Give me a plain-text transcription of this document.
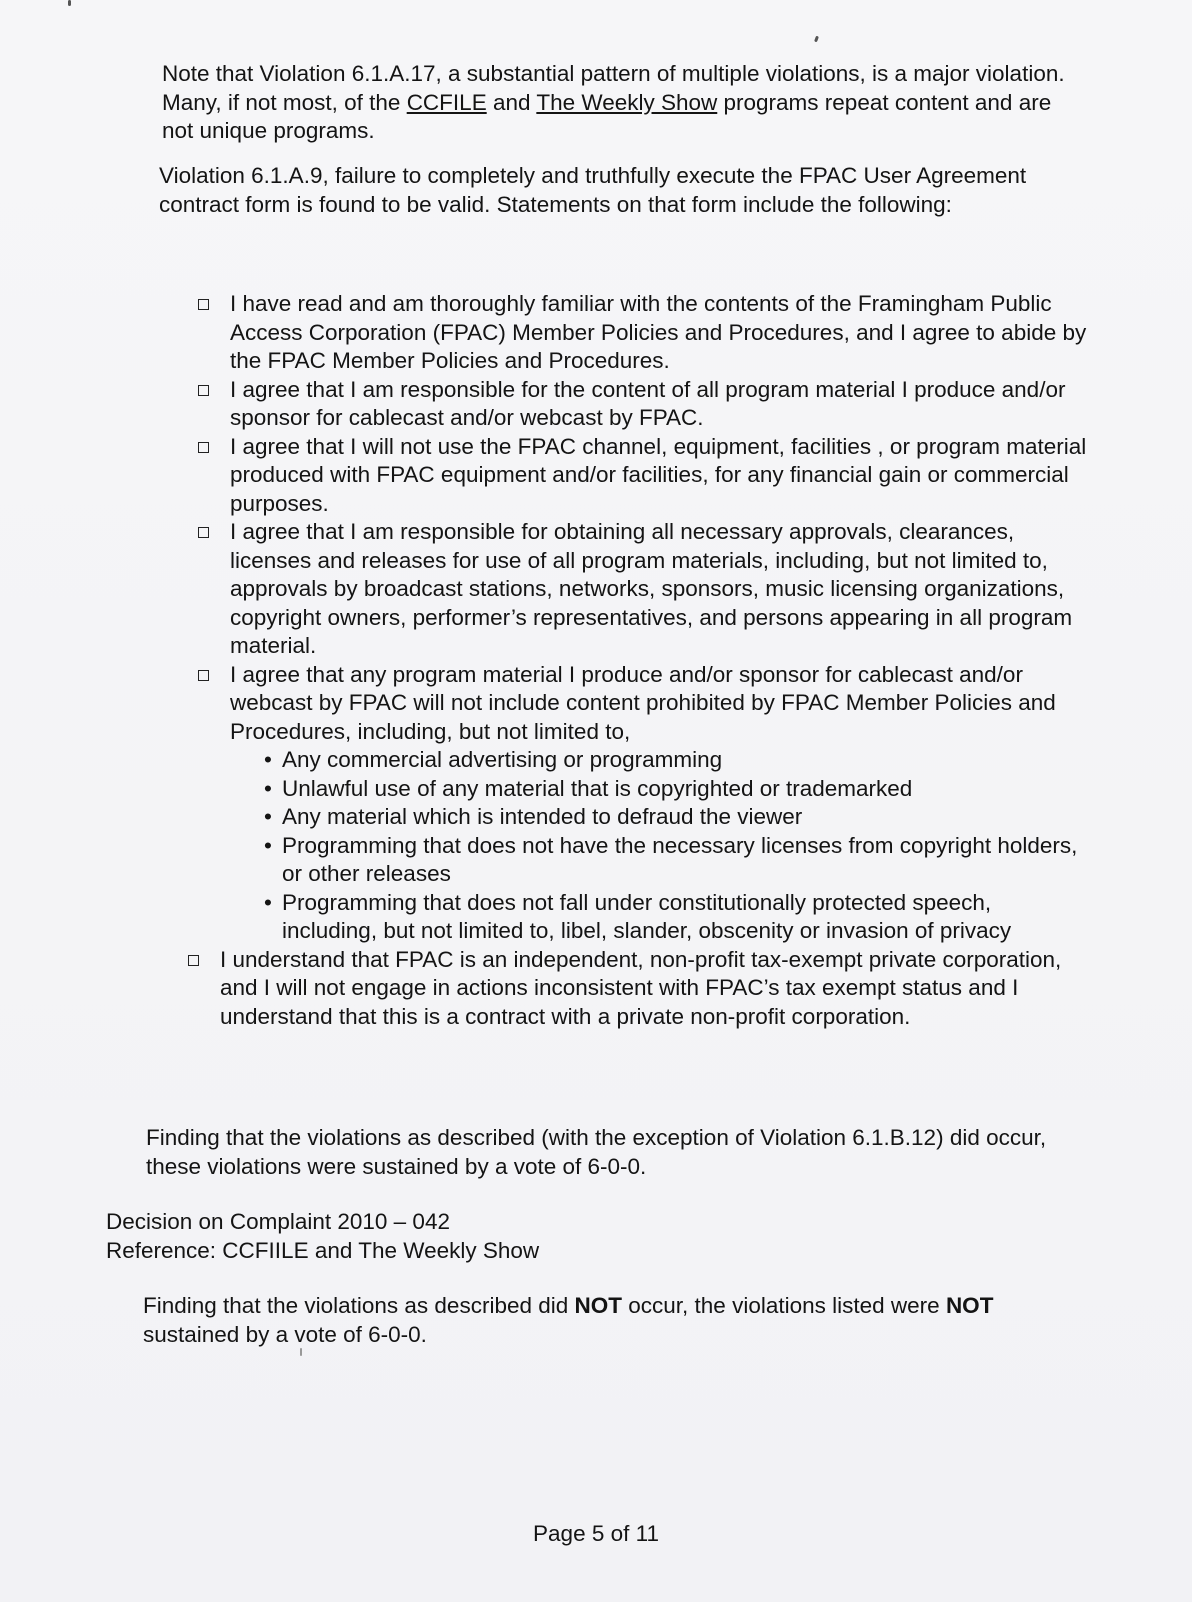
Note that Violation 6.1.A.17, a substantial pattern of multiple violations, is a major violation. Many, if not most, of the CCFILE and The Weekly Show programs repeat content and are not unique programs.

Violation 6.1.A.9, failure to completely and truthfully execute the FPAC User Agreement contract form is found to be valid. Statements on that form include the following:

I have read and am thoroughly familiar with the contents of the Framingham Public Access Corporation (FPAC) Member Policies and Procedures, and I agree to abide by the FPAC Member Policies and Procedures.
I agree that I am responsible for the content of all program material I produce and/or sponsor for cablecast and/or webcast by FPAC.
I agree that I will not use the FPAC channel, equipment, facilities , or program material produced with FPAC equipment and/or facilities, for any financial gain or commercial purposes.
I agree that I am responsible for obtaining all necessary approvals, clearances, licenses and releases for use of all program materials, including, but not limited to, approvals by broadcast stations, networks, sponsors, music licensing organizations, copyright owners, performer’s representatives, and persons appearing in all program material.
I agree that any program material I produce and/or sponsor for cablecast and/or webcast by FPAC will not include content prohibited by FPAC Member Policies and Procedures, including, but not limited to,
• Any commercial advertising or programming
• Unlawful use of any material that is copyrighted or trademarked
• Any material which is intended to defraud the viewer
• Programming that does not have the necessary licenses from copyright holders, or other releases
• Programming that does not fall under constitutionally protected speech, including, but not limited to, libel, slander, obscenity or invasion of privacy
I understand that FPAC is an independent, non-profit tax-exempt private corporation, and I will not engage in actions inconsistent with FPAC’s tax exempt status and I understand that this is a contract with a private non-profit corporation.

Finding that the violations as described (with the exception of Violation 6.1.B.12) did occur, these violations were sustained by a vote of 6-0-0.

Decision on Complaint 2010 – 042
Reference: CCFIILE and The Weekly Show

Finding that the violations as described did NOT occur, the violations listed were NOT sustained by a vote of 6-0-0.

Page 5 of 11
